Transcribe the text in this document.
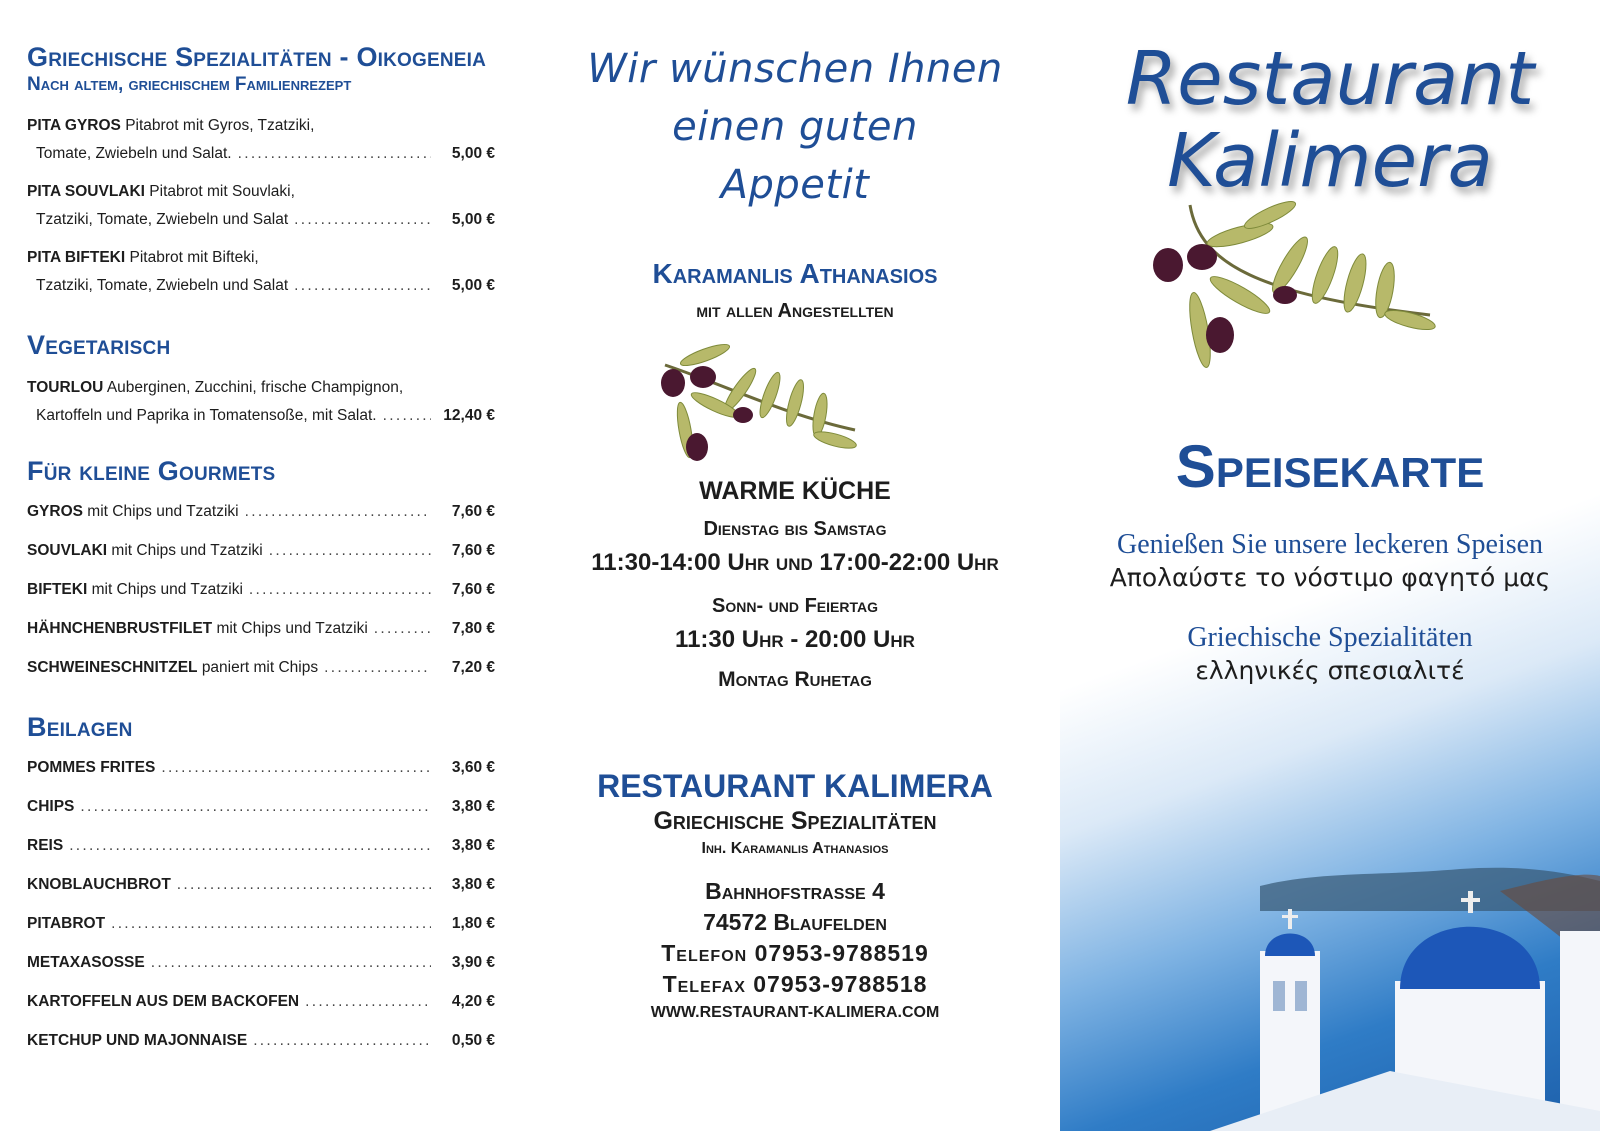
Griechische Spezialitäten - Oikogeneia
Nach altem, griechischem Familienrezept
PITA GYROS Pitabrot mit Gyros, Tzatziki,
Tomate, Zwiebeln und Salat. . . .	5,00 €
PITA SOUVLAKI Pitabrot mit Souvlaki,
Tzatziki, Tomate, Zwiebeln und Salat . . .	5,00 €
PITA BIFTEKI Pitabrot mit Bifteki,
Tzatziki, Tomate, Zwiebeln und Salat . . .	5,00 €
Vegetarisch
TOURLOU Auberginen, Zucchini, frische Champignon,
Kartoffeln und Paprika in Tomatensoße, mit Salat. . . .	12,40 €
Für kleine Gourmets
GYROS mit Chips und Tzatziki . . .	7,60 €
SOUVLAKI mit Chips und Tzatziki . . .	7,60 €
BIFTEKI mit Chips und Tzatziki . . .	7,60 €
HÄHNCHENBRUSTFILET mit Chips und Tzatziki . . .	7,80 €
SCHWEINESCHNITZEL paniert mit Chips . . .	7,20 €
Beilagen
POMMES FRITES . . .	3,60 €
CHIPS . . .	3,80 €
REIS . . .	3,80 €
KNOBLAUCHBROT . . .	3,80 €
PITABROT . . .	1,80 €
METAXASOSSE . . .	3,90 €
KARTOFFELN AUS DEM BACKOFEN . . .	4,20 €
KETCHUP UND MAJONNAISE . . .	0,50 €
Wir wünschen Ihnen
einen guten
Appetit
Karamanlis Athanasios
mit allen Angestellten
WARME KÜCHE
Dienstag bis Samstag
11:30-14:00 Uhr und 17:00-22:00 Uhr
Sonn- und Feiertag
11:30 Uhr - 20:00 Uhr
Montag Ruhetag
RESTAURANT KALIMERA
Griechische Spezialitäten
Inh. Karamanlis Athanasios
Bahnhofstrasse 4
74572 Blaufelden
Telefon 07953-9788519
Telefax 07953-9788518
WWW.RESTAURANT-KALIMERA.COM
Restaurant
Kalimera
Speisekarte
Genießen Sie unsere leckeren Speisen
Απολαύστε το νόστιμο φαγητό μας
Griechische Spezialitäten
ελληνικές σπεσιαλιτέ
